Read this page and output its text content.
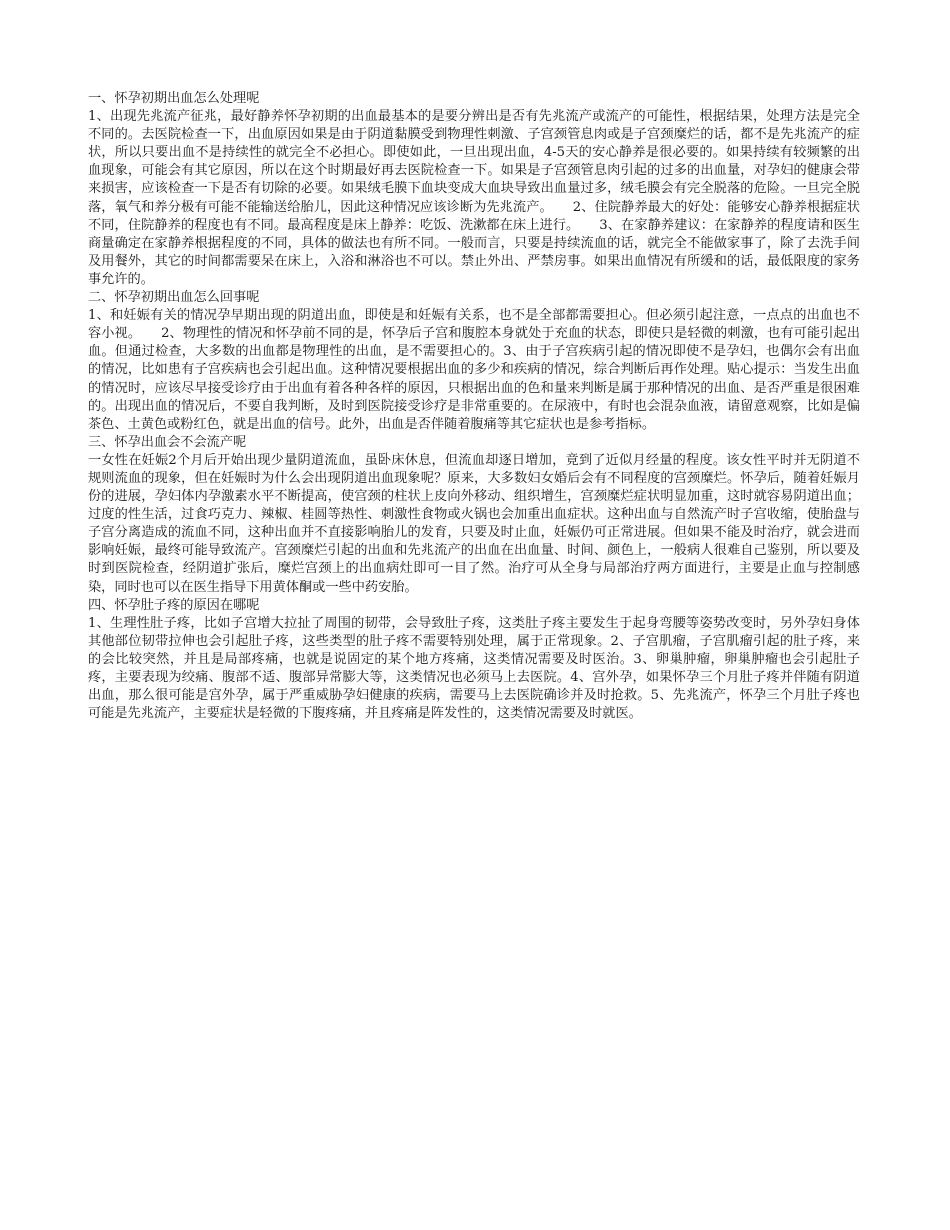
一、怀孕初期出血怎么处理呢

1、出现先兆流产征兆，最好静养怀孕初期的出血最基本的是要分辨出是否有先兆流产或流产的可能性，根据结果，处理方法是完全不同的。去医院检查一下，出血原因如果是由于阴道黏膜受到物理性刺激、子宫颈管息肉或是子宫颈糜烂的话，都不是先兆流产的症状，所以只要出血不是持续性的就完全不必担心。即使如此，一旦出现出血，4-5天的安心静养是很必要的。如果持续有较频繁的出血现象，可能会有其它原因，所以在这个时期最好再去医院检查一下。如果是子宫颈管息肉引起的过多的出血量，对孕妇的健康会带来损害，应该检查一下是否有切除的必要。如果绒毛膜下血块变成大血块导致出血量过多，绒毛膜会有完全脱落的危险。一旦完全脱落，氧气和养分极有可能不能输送给胎儿，因此这种情况应该诊断为先兆流产。　　2、住院静养最大的好处：能够安心静养根据症状不同，住院静养的程度也有不同。最高程度是床上静养：吃饭、洗漱都在床上进行。　　3、在家静养建议：在家静养的程度请和医生商量确定在家静养根据程度的不同，具体的做法也有所不同。一般而言，只要是持续流血的话，就完全不能做家事了，除了去洗手间及用餐外，其它的时间都需要呆在床上，入浴和淋浴也不可以。禁止外出、严禁房事。如果出血情况有所缓和的话，最低限度的家务事允许的。

二、怀孕初期出血怎么回事呢

1、和妊娠有关的情况孕早期出现的阴道出血，即使是和妊娠有关系，也不是全部都需要担心。但必须引起注意，一点点的出血也不容小视。　　2、物理性的情况和怀孕前不同的是，怀孕后子宫和腹腔本身就处于充血的状态，即使只是轻微的刺激，也有可能引起出血。但通过检查，大多数的出血都是物理性的出血，是不需要担心的。3、由于子宫疾病引起的情况即使不是孕妇，也偶尔会有出血的情况，比如患有子宫疾病也会引起出血。这种情况要根据出血的多少和疾病的情况，综合判断后再作处理。贴心提示：当发生出血的情况时，应该尽早接受诊疗由于出血有着各种各样的原因，只根据出血的色和量来判断是属于那种情况的出血、是否严重是很困难的。出现出血的情况后，不要自我判断，及时到医院接受诊疗是非常重要的。在尿液中，有时也会混杂血液，请留意观察，比如是偏茶色、土黄色或粉红色，就是出血的信号。此外，出血是否伴随着腹痛等其它症状也是参考指标。

三、怀孕出血会不会流产呢

一女性在妊娠2个月后开始出现少量阴道流血，虽卧床休息，但流血却逐日增加，竟到了近似月经量的程度。该女性平时并无阴道不规则流血的现象，但在妊娠时为什么会出现阴道出血现象呢？原来，大多数妇女婚后会有不同程度的宫颈糜烂。怀孕后，随着妊娠月份的进展，孕妇体内孕激素水平不断提高，使宫颈的柱状上皮向外移动、组织增生，宫颈糜烂症状明显加重，这时就容易阴道出血；过度的性生活，过食巧克力、辣椒、桂圆等热性、刺激性食物或火锅也会加重出血症状。这种出血与自然流产时子宫收缩，使胎盘与子宫分离造成的流血不同，这种出血并不直接影响胎儿的发育，只要及时止血，妊娠仍可正常进展。但如果不能及时治疗，就会进而影响妊娠，最终可能导致流产。宫颈糜烂引起的出血和先兆流产的出血在出血量、时间、颜色上，一般病人很难自己鉴别，所以要及时到医院检查，经阴道扩张后，糜烂宫颈上的出血病灶即可一目了然。治疗可从全身与局部治疗两方面进行，主要是止血与控制感染，同时也可以在医生指导下用黄体酮或一些中药安胎。

四、怀孕肚子疼的原因在哪呢

1、生理性肚子疼，比如子宫增大拉扯了周围的韧带，会导致肚子疼，这类肚子疼主要发生于起身弯腰等姿势改变时，另外孕妇身体其他部位韧带拉伸也会引起肚子疼，这些类型的肚子疼不需要特别处理，属于正常现象。2、子宫肌瘤，子宫肌瘤引起的肚子疼，来的会比较突然，并且是局部疼痛，也就是说固定的某个地方疼痛，这类情况需要及时医治。3、卵巢肿瘤，卵巢肿瘤也会引起肚子疼，主要表现为绞痛、腹部不适、腹部异常膨大等，这类情况也必须马上去医院。4、宫外孕，如果怀孕三个月肚子疼并伴随有阴道出血，那么很可能是宫外孕，属于严重威胁孕妇健康的疾病，需要马上去医院确诊并及时抢救。5、先兆流产，怀孕三个月肚子疼也可能是先兆流产，主要症状是轻微的下腹疼痛，并且疼痛是阵发性的，这类情况需要及时就医。
